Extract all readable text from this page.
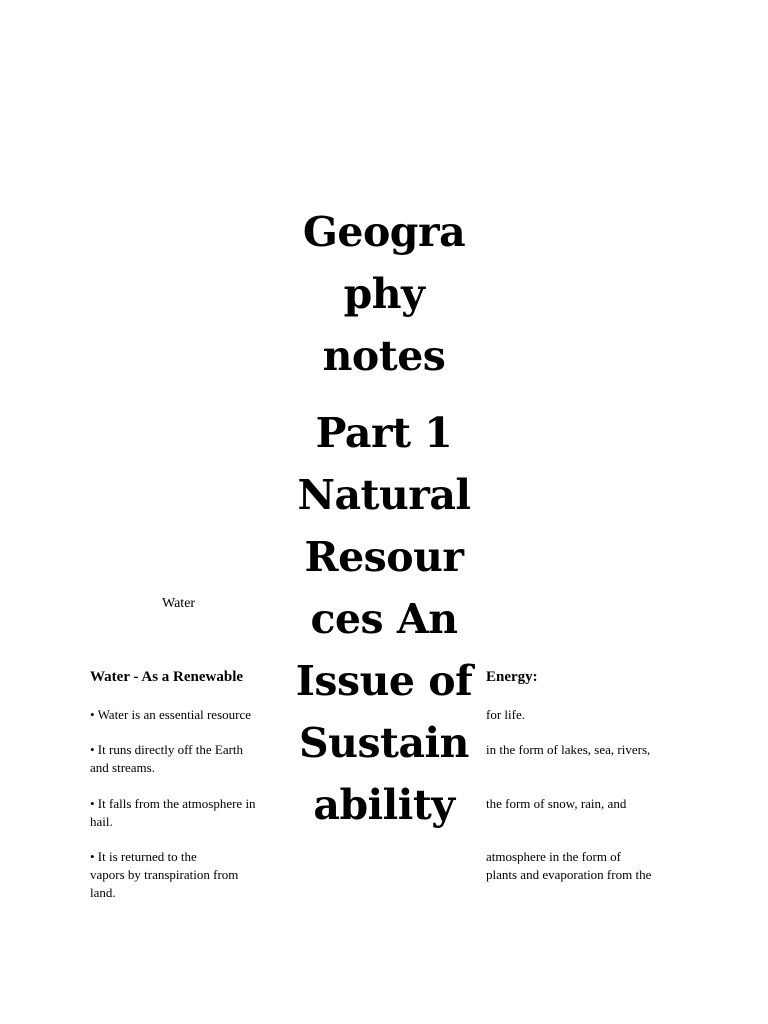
Geogra
phy
notes
Part 1
Natural
Resour
ces An
Issue of
Sustain
ability
Water
Water - As a Renewable
• Water is an essential resource
• It runs directly off the Earth
and streams.
• It falls from the atmosphere in
hail.
• It is returned to the
vapors by transpiration from
land.
Energy:
for life.
in the form of lakes, sea, rivers,
the form of snow, rain, and
atmosphere in the form of
plants and evaporation from the
